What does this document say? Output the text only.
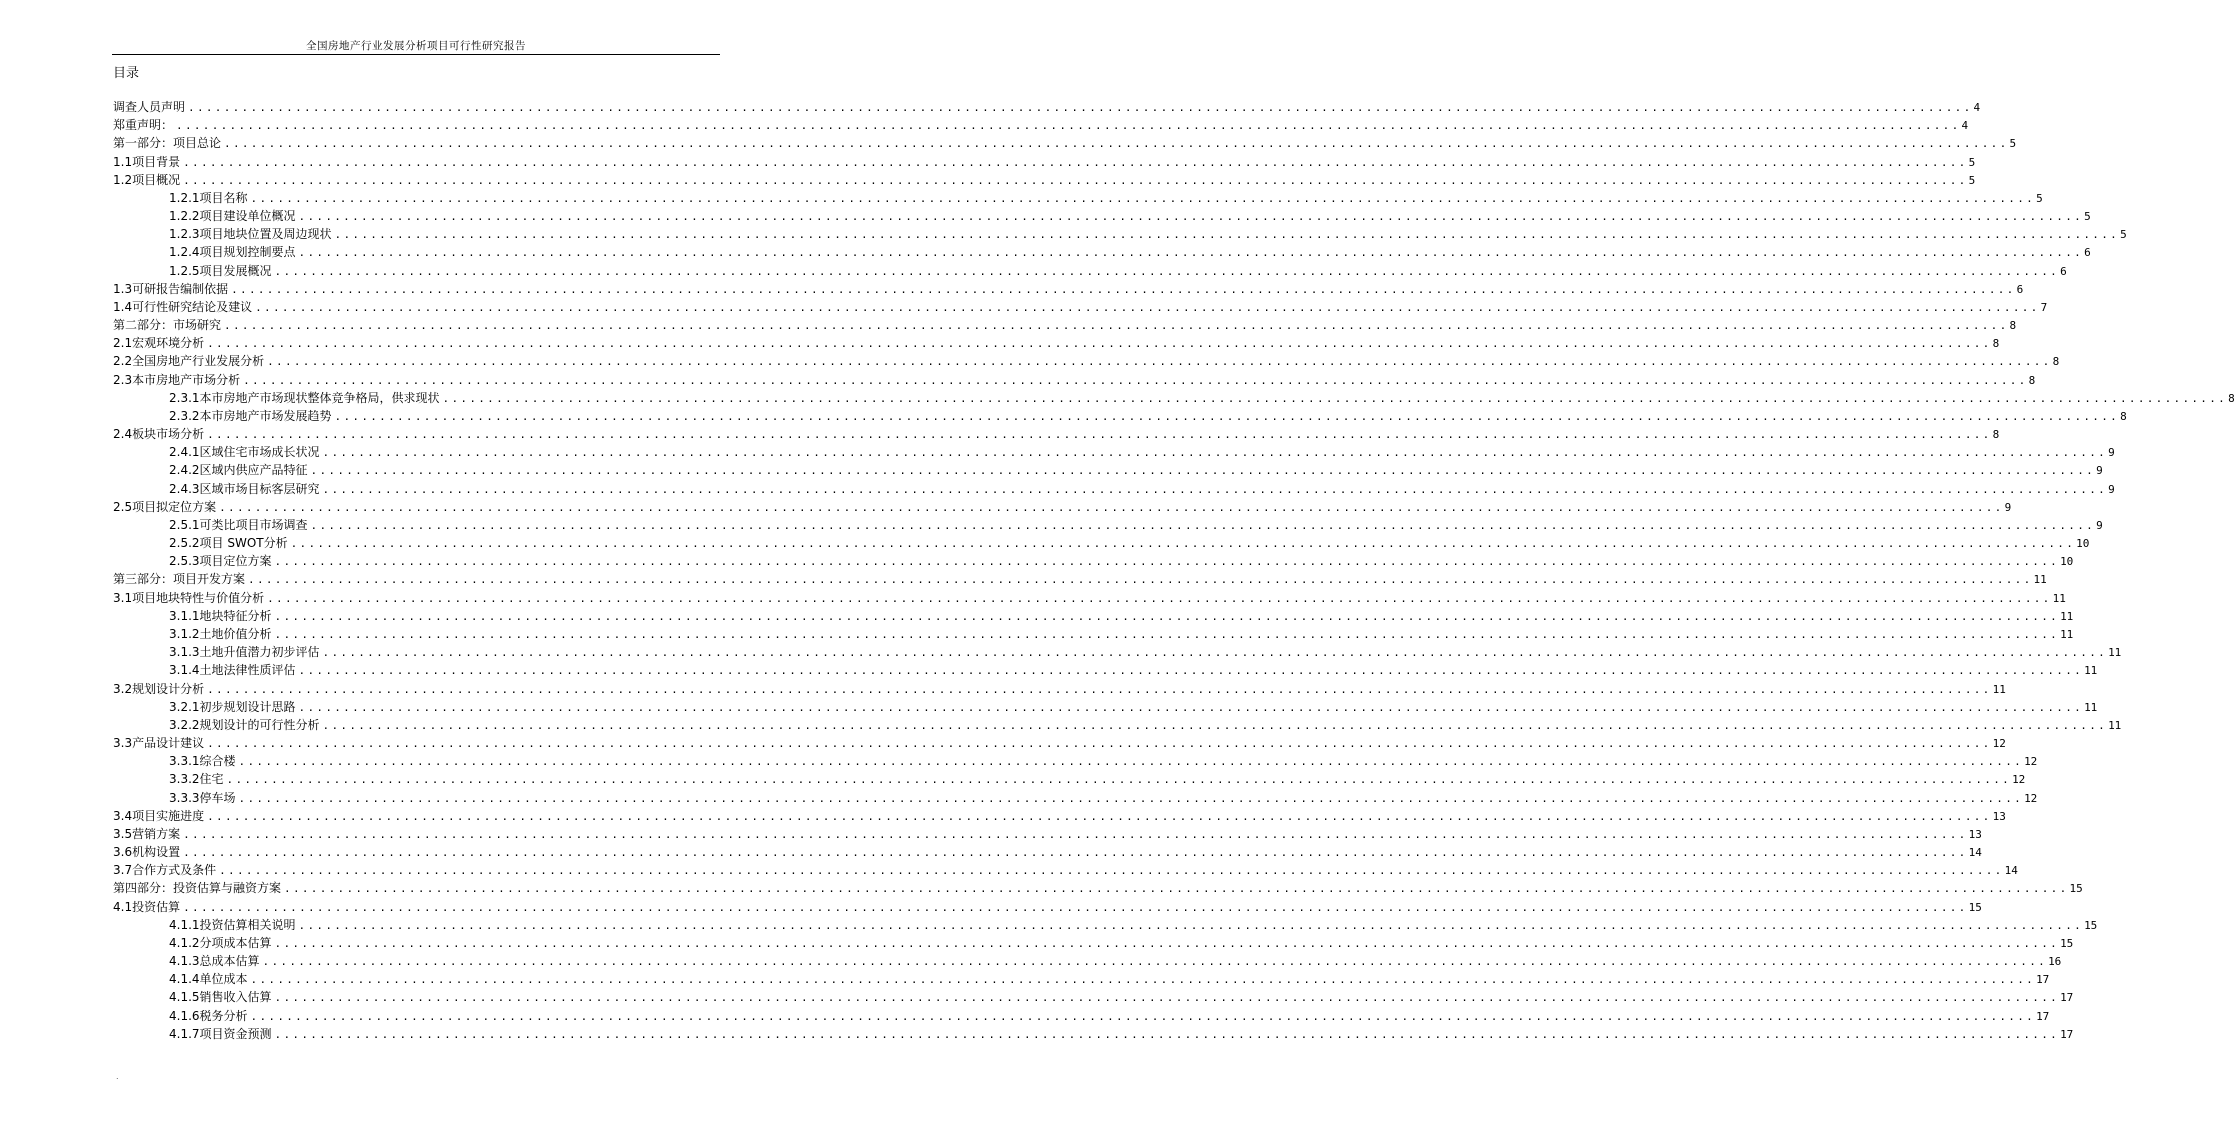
全国房地产行业发展分析项目可行性研究报告
目录
调查人员声明 ........................................................................................................................................................................................................ 4
郑重声明： ........................................................................................................................................................................................................ 4
第一部分：项目总论 ........................................................................................................................................................................................................ 5
1.1项目背景 ........................................................................................................................................................................................................ 5
1.2项目概况 ........................................................................................................................................................................................................ 5
1.2.1项目名称 ........................................................................................................................................................................................................ 5
1.2.2项目建设单位概况 ........................................................................................................................................................................................................ 5
1.2.3项目地块位置及周边现状 ........................................................................................................................................................................................................ 5
1.2.4项目规划控制要点 ........................................................................................................................................................................................................ 6
1.2.5项目发展概况 ........................................................................................................................................................................................................ 6
1.3可研报告编制依据 ........................................................................................................................................................................................................ 6
1.4可行性研究结论及建议 ........................................................................................................................................................................................................ 7
第二部分：市场研究 ........................................................................................................................................................................................................ 8
2.1宏观环境分析 ........................................................................................................................................................................................................ 8
2.2全国房地产行业发展分析 ........................................................................................................................................................................................................ 8
2.3本市房地产市场分析 ........................................................................................................................................................................................................ 8
2.3.1本市房地产市场现状整体竞争格局，供求现状 ........................................................................................................................................................................................................ 8
2.3.2本市房地产市场发展趋势 ........................................................................................................................................................................................................ 8
2.4板块市场分析 ........................................................................................................................................................................................................ 8
2.4.1区域住宅市场成长状况 ........................................................................................................................................................................................................ 9
2.4.2区域内供应产品特征 ........................................................................................................................................................................................................ 9
2.4.3区域市场目标客层研究 ........................................................................................................................................................................................................ 9
2.5项目拟定位方案 ........................................................................................................................................................................................................ 9
2.5.1可类比项目市场调查 ........................................................................................................................................................................................................ 9
2.5.2项目 SWOT分析 ........................................................................................................................................................................................................ 10
2.5.3项目定位方案 ........................................................................................................................................................................................................ 10
第三部分：项目开发方案 ........................................................................................................................................................................................................ 11
3.1项目地块特性与价值分析 ........................................................................................................................................................................................................ 11
3.1.1地块特征分析 ........................................................................................................................................................................................................ 11
3.1.2土地价值分析 ........................................................................................................................................................................................................ 11
3.1.3土地升值潜力初步评估 ........................................................................................................................................................................................................ 11
3.1.4土地法律性质评估 ........................................................................................................................................................................................................ 11
3.2规划设计分析 ........................................................................................................................................................................................................ 11
3.2.1初步规划设计思路 ........................................................................................................................................................................................................ 11
3.2.2规划设计的可行性分析 ........................................................................................................................................................................................................ 11
3.3产品设计建议 ........................................................................................................................................................................................................ 12
3.3.1综合楼 ........................................................................................................................................................................................................ 12
3.3.2住宅 ........................................................................................................................................................................................................ 12
3.3.3停车场 ........................................................................................................................................................................................................ 12
3.4项目实施进度 ........................................................................................................................................................................................................ 13
3.5营销方案 ........................................................................................................................................................................................................ 13
3.6机构设置 ........................................................................................................................................................................................................ 14
3.7合作方式及条件 ........................................................................................................................................................................................................ 14
第四部分：投资估算与融资方案 ........................................................................................................................................................................................................ 15
4.1投资估算 ........................................................................................................................................................................................................ 15
4.1.1投资估算相关说明 ........................................................................................................................................................................................................ 15
4.1.2分项成本估算 ........................................................................................................................................................................................................ 15
4.1.3总成本估算 ........................................................................................................................................................................................................ 16
4.1.4单位成本 ........................................................................................................................................................................................................ 17
4.1.5销售收入估算 ........................................................................................................................................................................................................ 17
4.1.6税务分析 ........................................................................................................................................................................................................ 17
4.1.7项目资金预测 ........................................................................................................................................................................................................ 17
.
